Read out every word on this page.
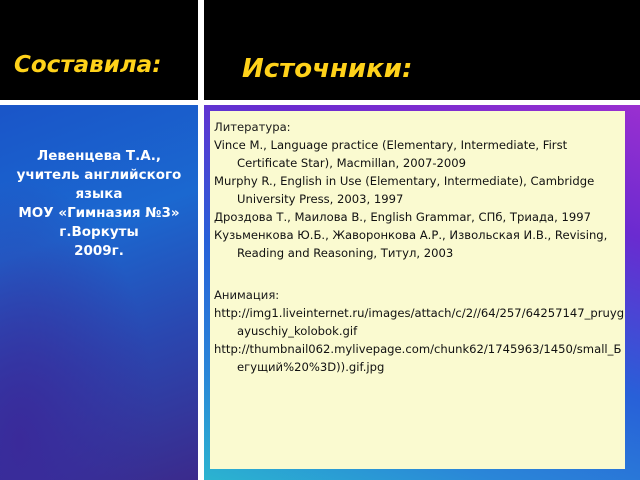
Левенцева Т.А.,
учитель английского
языка
МОУ «Гимназия №3»
г.Воркуты
2009г.
Составила:	Источники:
Литература:
Vince M., Language practice (Elementary, Intermediate, First Certificate Star), Macmillan, 2007-2009
Murphy R., English in Use (Elementary, Intermediate), Cambridge University Press, 2003, 1997
Дроздова Т., Маилова В., English Grammar, СПб, Триада, 1997
Кузьменкова Ю.Б., Жаворонкова А.Р., Извольская И.В., Revising, Reading and Reasoning, Титул, 2003
Анимация:
http://img1.liveinternet.ru/images/attach/c/2//64/257/64257147_pruygayuschiy_kolobok.gif
http://thumbnail062.mylivepage.com/chunk62/1745963/1450/small_Бегущий%20%3D)).gif.jpg
